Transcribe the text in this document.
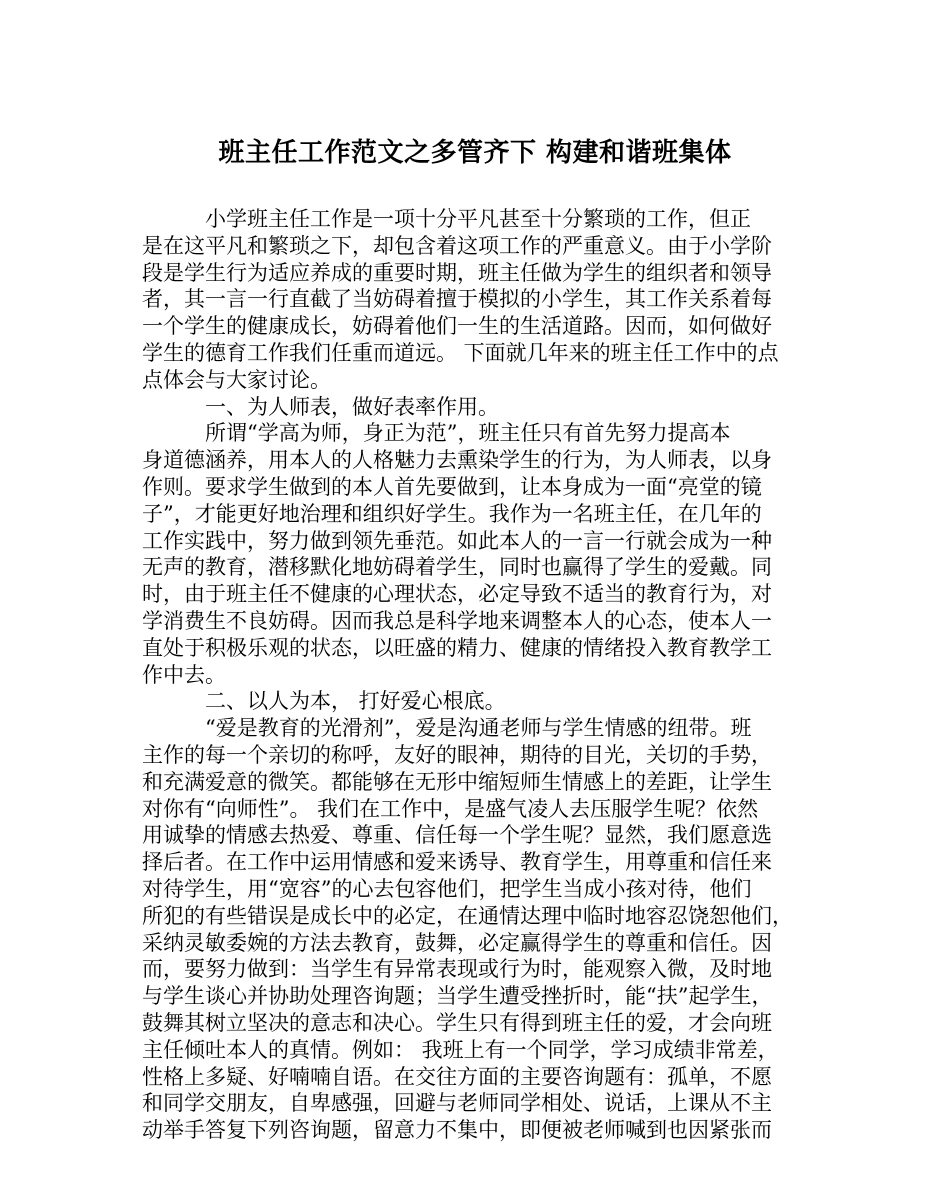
班主任工作范文之多管齐下 构建和谐班集体
　　　小学班主任工作是一项十分平凡甚至十分繁琐的工作，但正
是在这平凡和繁琐之下，却包含着这项工作的严重意义。由于小学阶
段是学生行为适应养成的重要时期，班主任做为学生的组织者和领导
者，其一言一行直截了当妨碍着擅于模拟的小学生，其工作关系着每
一个学生的健康成长，妨碍着他们一生的生活道路。因而，如何做好
学生的德育工作我们任重而道远。 下面就几年来的班主任工作中的点
点体会与大家讨论。
　　　一、为人师表，做好表率作用。
　　　所谓“学高为师，身正为范”，班主任只有首先努力提高本
身道德涵养，用本人的人格魅力去熏染学生的行为，为人师表，以身
作则。要求学生做到的本人首先要做到，让本身成为一面“亮堂的镜
子”，才能更好地治理和组织好学生。我作为一名班主任，在几年的
工作实践中，努力做到领先垂范。如此本人的一言一行就会成为一种
无声的教育，潜移默化地妨碍着学生，同时也赢得了学生的爱戴。同
时，由于班主任不健康的心理状态，必定导致不适当的教育行为，对
学消费生不良妨碍。因而我总是科学地来调整本人的心态，使本人一
直处于积极乐观的状态，以旺盛的精力、健康的情绪投入教育教学工
作中去。
　　　二、以人为本， 打好爱心根底。
　　　“爱是教育的光滑剂”，爱是沟通老师与学生情感的纽带。班
主作的每一个亲切的称呼，友好的眼神，期待的目光，关切的手势，
和充满爱意的微笑。都能够在无形中缩短师生情感上的差距，让学生
对你有“向师性”。 我们在工作中，是盛气凌人去压服学生呢？依然
用诚挚的情感去热爱、尊重、信任每一个学生呢？显然，我们愿意选
择后者。在工作中运用情感和爱来诱导、教育学生，用尊重和信任来
对待学生，用“宽容”的心去包容他们，把学生当成小孩对待，他们
所犯的有些错误是成长中的必定，在通情达理中临时地容忍饶恕他们，
采纳灵敏委婉的方法去教育，鼓舞，必定赢得学生的尊重和信任。因
而，要努力做到：当学生有异常表现或行为时，能观察入微，及时地
与学生谈心并协助处理咨询题；当学生遭受挫折时，能“扶”起学生，
鼓舞其树立坚决的意志和决心。学生只有得到班主任的爱，才会向班
主任倾吐本人的真情。例如： 我班上有一个同学，学习成绩非常差，
性格上多疑、好喃喃自语。在交往方面的主要咨询题有：孤单，不愿
和同学交朋友，自卑感强，回避与老师同学相处、说话，上课从不主
动举手答复下列咨询题，留意力不集中，即便被老师喊到也因紧张而
